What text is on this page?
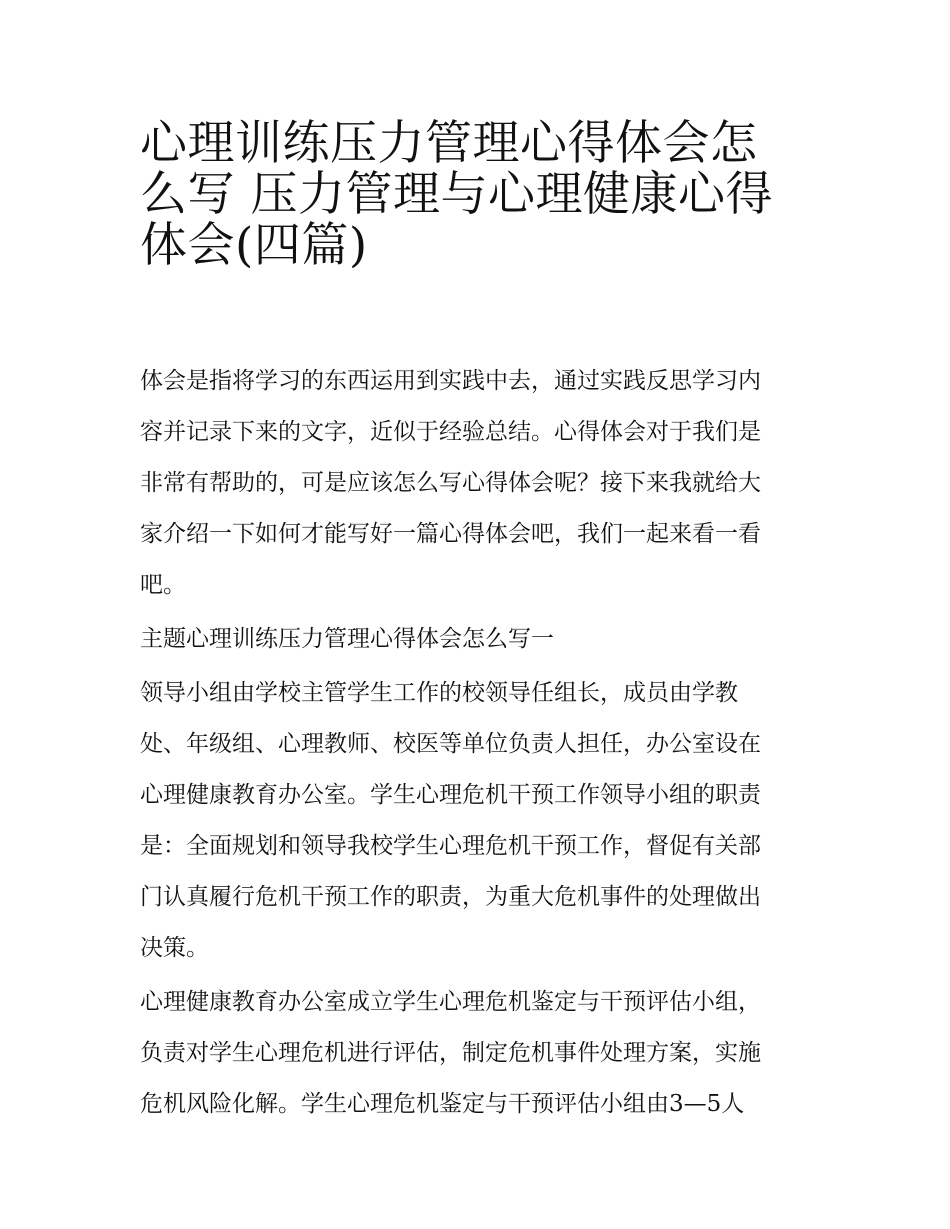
心理训练压力管理心得体会怎
么写 压力管理与心理健康心得
体会(四篇)
体会是指将学习的东西运用到实践中去，通过实践反思学习内
容并记录下来的文字，近似于经验总结。心得体会对于我们是
非常有帮助的，可是应该怎么写心得体会呢？接下来我就给大
家介绍一下如何才能写好一篇心得体会吧，我们一起来看一看
吧。
主题心理训练压力管理心得体会怎么写一
领导小组由学校主管学生工作的校领导任组长，成员由学教
处、年级组、心理教师、校医等单位负责人担任，办公室设在
心理健康教育办公室。学生心理危机干预工作领导小组的职责
是：全面规划和领导我校学生心理危机干预工作，督促有关部
门认真履行危机干预工作的职责，为重大危机事件的处理做出
决策。
心理健康教育办公室成立学生心理危机鉴定与干预评估小组，
负责对学生心理危机进行评估，制定危机事件处理方案，实施
危机风险化解。学生心理危机鉴定与干预评估小组由3—5人
